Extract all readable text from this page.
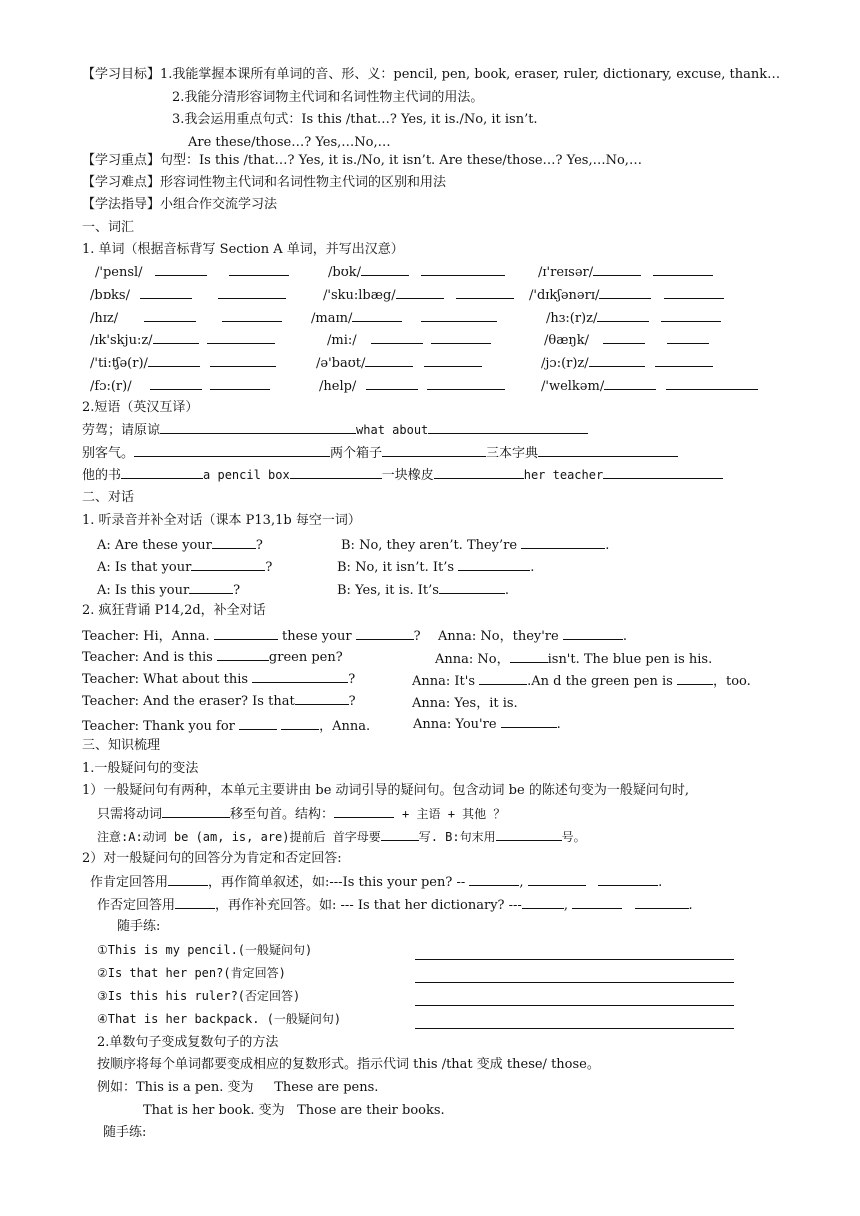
【学习目标】1.我能掌握本课所有单词的音、形、义：pencil, pen, book, eraser, ruler, dictionary, excuse, thank…
2.我能分清形容词物主代词和名词性物主代词的用法。
3.我会运用重点句式：Is this /that…? Yes, it is./No, it isn’t.
Are these/those…? Yes,…No,…
【学习重点】句型：Is this /that…? Yes, it is./No, it isn’t. Are these/those…? Yes,…No,…
【学习难点】形容词性物主代词和名词性物主代词的区别和用法
【学法指导】小组合作交流学习法
一、词汇
1. 单词（根据音标背写 Section A 单词，并写出汉意）
/'pensl/	/bʊk/	/ɪ'reɪsər/
/bɒks/	/'sku:lbæg/	/'dɪkʃənərɪ/
/hɪz/	/maɪn/	/hɜ:(r)z/
/ɪk'skju:z/	/mi:/	/θæŋk/
/'ti:ʧə(r)/	/ə'baʊt/	/jɔ:(r)z/
/fɔ:(r)/	/help/	/'welkəm/
2.短语（英汉互译）
劳驾；请原谅	what about
别客气。	两个箱子	三本字典
他的书	a pencil box	一块橡皮	her teacher
二、对话
1. 听录音并补全对话（课本 P13,1b 每空一词）
A: Are these your	?	B: No, they aren’t. They’re	.
A: Is that your	?	B: No, it isn’t. It’s	.
A: Is this your	?	B: Yes, it is. It’s	.
2. 疯狂背诵 P14,2d，补全对话
Teacher: Hi，Anna.	these your	? Anna: No，they're	.
Teacher: And is this	green pen?	Anna: No，	isn't. The blue pen is his.
Teacher: What about this	?	Anna: It's	.An d the green pen is	，too.
Teacher: And the eraser? Is that	?	Anna: Yes，it is.
Teacher: Thank you for	，Anna.	Anna: You're	.
三、知识梳理
1.一般疑问句的变法
1）一般疑问句有两种，本单元主要讲由 be 动词引导的疑问句。包含动词 be 的陈述句变为一般疑问句时,
只需将动词	移至句首。结构：	+ 主语 + 其他 ？
注意:A:动词 be (am, is, are)提前后 首字母要	写. B:句末用	号。
2）对一般疑问句的回答分为肯定和否定回答:
作肯定回答用	，再作简单叙述，如:---Is this your pen? --	,	.
作否定回答用	，再作补充回答。如: --- Is that her dictionary? ---	,	.
随手练:
①This is my pencil.(一般疑问句)
②Is that her pen?(肯定回答)
③Is this his ruler?(否定回答)
④That is her backpack. (一般疑问句)
2.单数句子变成复数句子的方法
按顺序将每个单词都要变成相应的复数形式。指示代词 this /that 变成 these/ those。
例如：This is a pen. 变为 These are pens.
That is her book. 变为 Those are their books.
随手练:
